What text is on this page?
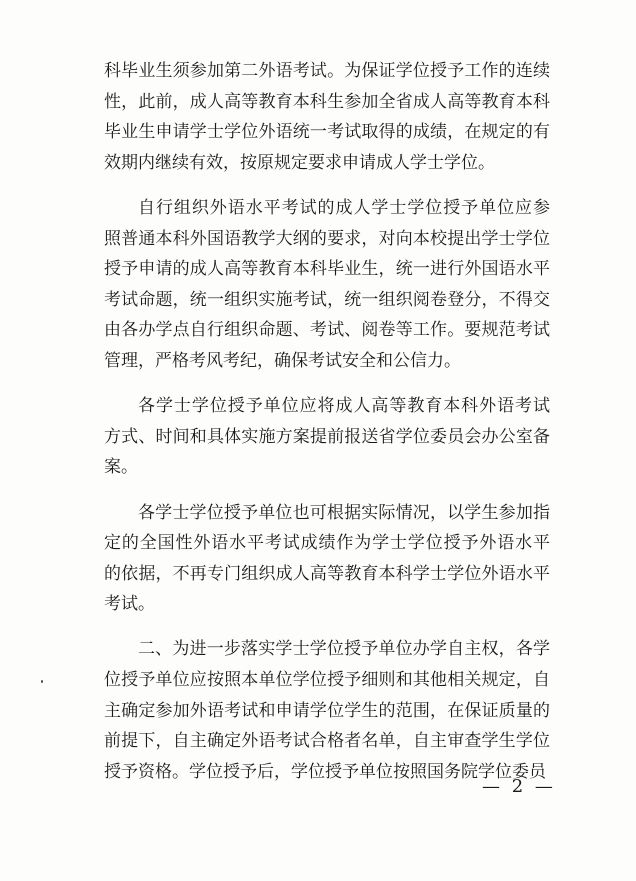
科毕业生须参加第二外语考试。为保证学位授予工作的连续
性，此前，成人高等教育本科生参加全省成人高等教育本科
毕业生申请学士学位外语统一考试取得的成绩，在规定的有
效期内继续有效，按原规定要求申请成人学士学位。
自行组织外语水平考试的成人学士学位授予单位应参
照普通本科外国语教学大纲的要求，对向本校提出学士学位
授予申请的成人高等教育本科毕业生，统一进行外国语水平
考试命题，统一组织实施考试，统一组织阅卷登分，不得交
由各办学点自行组织命题、考试、阅卷等工作。要规范考试
管理，严格考风考纪，确保考试安全和公信力。
各学士学位授予单位应将成人高等教育本科外语考试
方式、时间和具体实施方案提前报送省学位委员会办公室备
案。
各学士学位授予单位也可根据实际情况，以学生参加指
定的全国性外语水平考试成绩作为学士学位授予外语水平
的依据，不再专门组织成人高等教育本科学士学位外语水平
考试。
二、为进一步落实学士学位授予单位办学自主权，各学
位授予单位应按照本单位学位授予细则和其他相关规定，自
主确定参加外语考试和申请学位学生的范围，在保证质量的
前提下，自主确定外语考试合格者名单，自主审查学生学位
授予资格。学位授予后，学位授予单位按照国务院学位委员
— 2 —
